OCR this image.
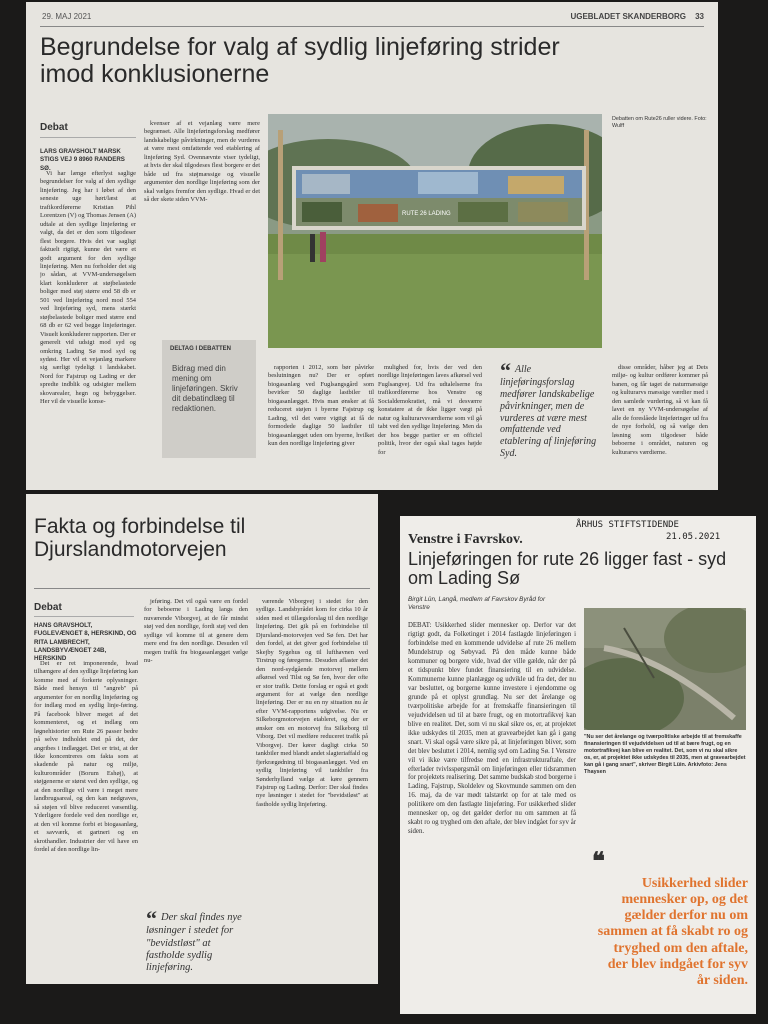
29. MAJ 2021	UGEBLADET SKANDERBORG 33
Begrundelse for valg af sydlig linjeføring strider imod konklusionerne
Debat
LARS GRAVSHOLT MARSK STIGS VEJ 9 8960 RANDERS SØ.

Vi har længe efterlyst saglige begrundelser for valg af den sydlige linjeføring. Jeg har i løbet af den seneste uge hørt/læst at trafikordførerne Kristian Pihl Lorentzen (V) og Thomas Jensen (A) udtale at den sydlige linjeføring er valgt, da det er den som tilgodeser flest borgere. Hvis det var sagligt faktuelt rigtigt, kunne det være et godt argument for den sydlige linjeføring. Men nu forholder det sig jo sådan, at VVM-undersøgelsen klart konkluderer at støjbelastede boliger med støj større end 58 db er 501 ved linjeføring nord mod 554 ved linjeføring syd, mens stærkt støjbelastede boliger med større end 68 db er 62 ved begge linjeføringer. Visuelt konkluderer rapporten. Der er generelt vid udsigt mod syd og omkring Lading Sø mod syd og sydøst. Her vil et vejanlæg markere sig særligt tydeligt i landskabet. Nord for Fajstrup og Lading er der spredte indblik og udsigter mellem skovarealer, hegn og bebyggelser. Her vil de visuelle konse-

kvenser af et vejanlæg være mere begrænset. Alle linjeføringsforslag medfører landskabelige påvirkninger, men de vurderes at være mest omfattende ved etablering af linjeføring Syd. Ovennævnte viser tydeligt, at hvis der skal tilgodeses flest borgere er det både ud fra støjmæssige og visuelle argumenter den nordlige linjeføring som der skal vælges fremfor den sydlige. Hvad er det så der skete siden VVM-

DELTAG I DEBATTEN
Bidrag med din mening om linjeføringen. Skriv dit debatindlæg til redaktionen.
RUTE 26 LADING
Debatten om Rute26 ruller videre. Foto: Wulff

rapporten i 2012, som bør påvirke beslutningen nu? Der er opført biogasanlæg ved Fuglsangsgård som bevirker 50 daglige lastbiler til biogasanlægget. Hvis man ønsker at få reduceret støjen i byerne Fajstrup og Lading, vil det være vigtigt at få de formodede daglige 50 lastbiler til biogasanlægget uden om byerne, hvilket kun den nordlige linjeføring giver

mulighed for, hvis der ved den nordlige linjeføringen laves afkørsel ved Fuglsangvej. Ud fra udtalelserne fra trafikordførerne hos Venstre og Socialdemokratiet, må vi desværre konstatere at de ikke ligger vægt på natur og kulturarvsværdierne som vil gå tabt ved den sydlige linjeføring. Men da der hos begge partier er en officiel politik, hvor der også skal tages højde for

“ Alle linjeføringsforslag medfører landskabelige påvirkninger, men de vurderes at være mest omfattende ved etablering af linjeføring Syd.

disse områder, håber jeg at Dets miljø- og kultur ordfører kommer på banen, og får taget de naturmæssige og kulturarvs mæssige værdier med i den samlede vurdering, så vi kan få lavet en ny VVM-undersøgelse af alle de foreslåede linjeføringer ud fra de nye forhold, og så vælge den løsning som tilgodeser både beboerne i området, naturen og kulturarvs værdierne.

Fakta og forbindelse til Djurslandmotorvejen
Debat
HANS GRAVSHOLT, FUGLEVÆNGET 8, HERSKIND, OG RITA LAMBRECHT, LANDSBYVÆNGET 24B, HERSKIND

Det er ret imponerende, hvad tilhængere af den sydlige linjeføring kan komme med af forkerte oplysninger. Både med hensyn til "angreb" på argumenter for en nordlig linjeføring og for indlæg mod en sydlig linje-føring. På facebook bliver meget af det kommenteret, og et indlæg om løgnehistorier om Rute 26 passer bedre på selve indholdet end på det, der angribes i indlægget. Det er trist, at der ikke koncentreres om fakta som at skadende på natur og miljø, kulturområder (Borum Eshøj), at støjgenerne er størst ved den sydlige, og at den nordlige vil være i meget mere landbrugsareal, og den kan nedgraves, så støjen vil blive reduceret væsentlig. Yderligere fordele ved den nordlige er, at den vil komme forbi et biogasanlæg, et savværk, et gartneri og en skrothandler. Industrier der vil have en fordel af den nordlige lin-

jeføring. Det vil også være en fordel for beboerne i Lading langs den nuværende Viborgvej, at de får mindst støj ved den nordlige, fordi støj ved den sydlige vil komme til at genere dem mere end fra den nordlige. Desuden vil megen trafik fra biogasanlægget vælge nu-

“ Der skal findes nye løsninger i stedet for "bevidstløst" at fastholde sydlig linjeføring.

værende Viborgvej i stedet for den sydlige. Landsbyrådet kom for cirka 10 år siden med et tillægsforslag til den nordlige linjeføring. Det gik på en forbindelse til Djursland-motorvejen ved Sø fen. Det har den fordel, at det giver god forbindelse til Skejby Sygehus og til lufthavnen ved Tirstrup og føregerne. Desuden aflaster det den nord-sydgående motorvej mellem afkørsel ved Tilst og Sø fen, hvor der ofte er stor trafik. Dette forslag er også et godt argument for at vælge den nordlige linjeføring. Der er nu en ny situation nu år efter VVM-rapportens udgivelse. Nu er Silkeborgmotorvejen etableret, og der er ønsker om en motorvej fra Silkeborg til Viborg. Det vil medføre reduceret trafik på Viborgvej. Der kører dagligt cirka 50 tankbiler med blandt andet slagteriaffald og fjerkrægødning til biogasanlægget. Ved en sydlig linjeføring vil tankbiler fra Sønderhylland vælge at køre gennem Fajstrup og Lading. Derfor: Der skal findes nye løsninger i stedet for "bevidstløst" at fastholde sydlig linjeføring.

ÅRHUS STIFTSTIDENDE
21.05.2021
Venstre i Favrskov.
Linjeføringen for rute 26 ligger fast - syd om Lading Sø
Birgit Lün, Langå, medlem af Favrskov Byråd for Venstre

DEBAT: Usikkerhed slider mennesker op. Derfor var det rigtigt godt, da Folketinget i 2014 fastlagde linjeføringen i forbindelse med en kommende udvidelse af rute 26 mellem Mundelstrup og Søbyvad. På den måde kunne både kommuner og borgere vide, hvad der ville gælde, når der på et tidspunkt blev fundet finansiering til en udvidelse. Kommunerne kunne planlægge og udvikle ud fra det, der nu var besluttet, og borgerne kunne investere i ejendomme og grunde på et oplyst grundlag. Nu ser det årelange og tværpolitiske arbejde for at fremskaffe finansieringen til vejudvidelsen ud til at bære frugt, og en motortrafikvej kan blive en realitet. Det, som vi nu skal sikre os, er, at projektet ikke udskydes til 2035, men at gravearbejdet kan gå i gang snart. Vi skal også være sikre på, at linjeføringen bliver, som det blev besluttet i 2014, nemlig syd om Lading Sø. I Venstre vil vi ikke være tilfredse med en infrastrukturaftale, der efterlader tvivlsspørgsmål om linjeføringen eller tidsrammen for projektets realisering. Det samme budskab stod borgerne i Lading, Fajstrup, Skoldelev og Skovmunde sammen om den 16. maj, da de var mødt talstærkt op for at tale med os politikere om den fastlagte linjeføring. For usikkerhed slider mennesker op, og det gælder derfor nu om sammen at få skabt ro og tryghed om den aftale, der blev indgået for syv år siden.

"Nu ser det årelange og tværpolitiske arbejde til at fremskaffe finansieringen til vejudvidelsen ud til at bære frugt, og en motortrafikvej kan blive en realitet. Det, som vi nu skal sikre os, er, at projektet ikke udskydes til 2035, men at gravearbejdet kan gå i gang snart", skriver Birgit Lüin. Arkivfoto: Jens Thaysen
❝
Usikkerhed slider mennesker op, og det gælder derfor nu om sammen at få skabt ro og tryghed om den aftale, der blev indgået for syv år siden.
